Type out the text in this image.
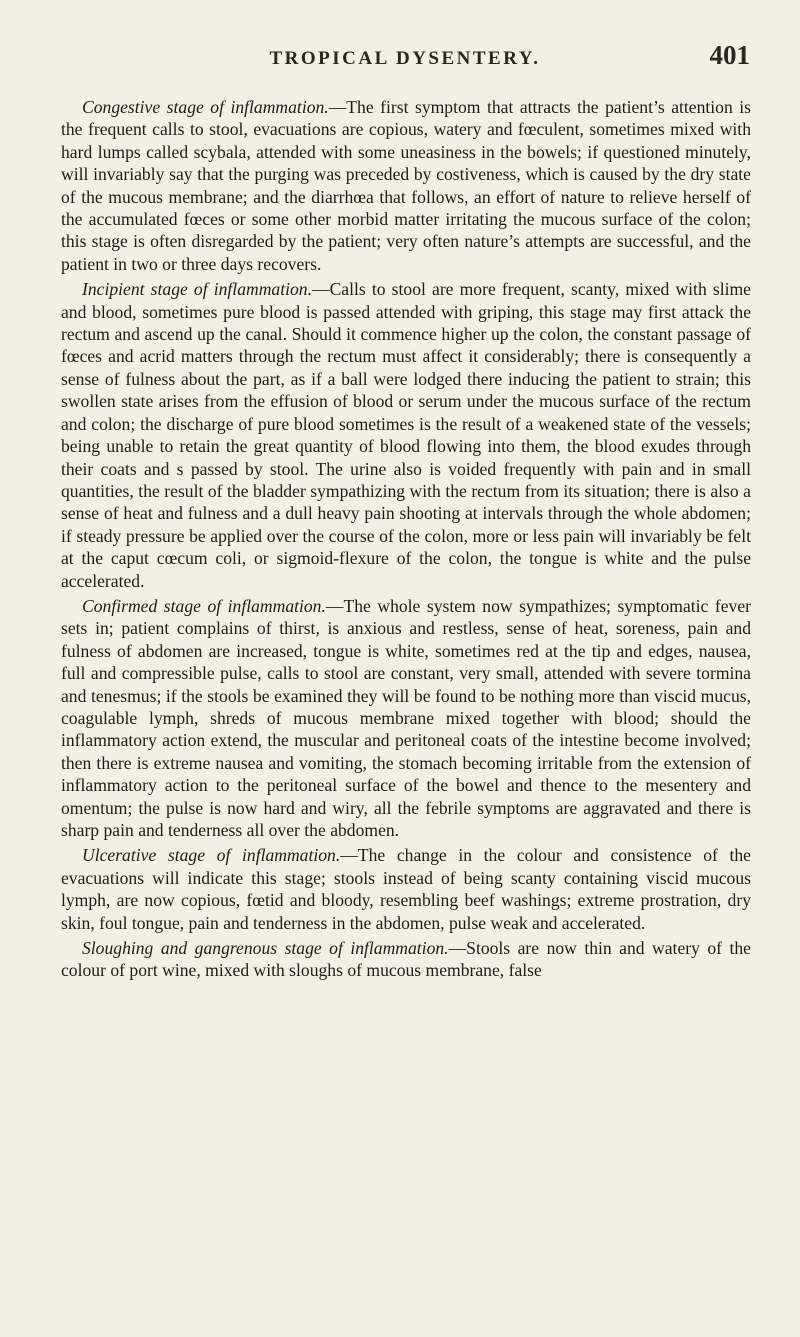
TROPICAL DYSENTERY.	401

Congestive stage of inflammation.—The first symptom that attracts the patient’s attention is the frequent calls to stool, evacuations are copious, watery and fœculent, sometimes mixed with hard lumps called scybala, attended with some uneasiness in the bowels; if questioned minutely, will invariably say that the purging was preceded by costiveness, which is caused by the dry state of the mucous membrane; and the diarrhœa that follows, an effort of nature to relieve herself of the accumulated fœces or some other morbid matter irritating the mucous surface of the colon; this stage is often disregarded by the patient; very often nature’s attempts are successful, and the patient in two or three days recovers.

Incipient stage of inflammation.—Calls to stool are more frequent, scanty, mixed with slime and blood, sometimes pure blood is passed attended with griping, this stage may first attack the rectum and ascend up the canal. Should it commence higher up the colon, the constant passage of fœces and acrid matters through the rectum must affect it considerably; there is consequently a sense of fulness about the part, as if a ball were lodged there inducing the patient to strain; this swollen state arises from the effusion of blood or serum under the mucous surface of the rectum and colon; the discharge of pure blood sometimes is the result of a weakened state of the vessels; being unable to retain the great quantity of blood flowing into them, the blood exudes through their coats and s passed by stool. The urine also is voided frequently with pain and in small quantities, the result of the bladder sympathizing with the rectum from its situation; there is also a sense of heat and fulness and a dull heavy pain shooting at intervals through the whole abdomen; if steady pressure be applied over the course of the colon, more or less pain will invariably be felt at the caput cœcum coli, or sigmoid-flexure of the colon, the tongue is white and the pulse accelerated.

Confirmed stage of inflammation.—The whole system now sympathizes; symptomatic fever sets in; patient complains of thirst, is anxious and restless, sense of heat, soreness, pain and fulness of abdomen are increased, tongue is white, sometimes red at the tip and edges, nausea, full and compressible pulse, calls to stool are constant, very small, attended with severe tormina and tenesmus; if the stools be examined they will be found to be nothing more than viscid mucus, coagulable lymph, shreds of mucous membrane mixed together with blood; should the inflammatory action extend, the muscular and peritoneal coats of the intestine become involved; then there is extreme nausea and vomiting, the stomach becoming irritable from the extension of inflammatory action to the peritoneal surface of the bowel and thence to the mesentery and omentum; the pulse is now hard and wiry, all the febrile symptoms are aggravated and there is sharp pain and tenderness all over the abdomen.

Ulcerative stage of inflammation.—The change in the colour and consistence of the evacuations will indicate this stage; stools instead of being scanty containing viscid mucous lymph, are now copious, fœtid and bloody, resembling beef washings; extreme prostration, dry skin, foul tongue, pain and tenderness in the abdomen, pulse weak and accelerated.

Sloughing and gangrenous stage of inflammation.—Stools are now thin and watery of the colour of port wine, mixed with sloughs of mucous membrane, false
